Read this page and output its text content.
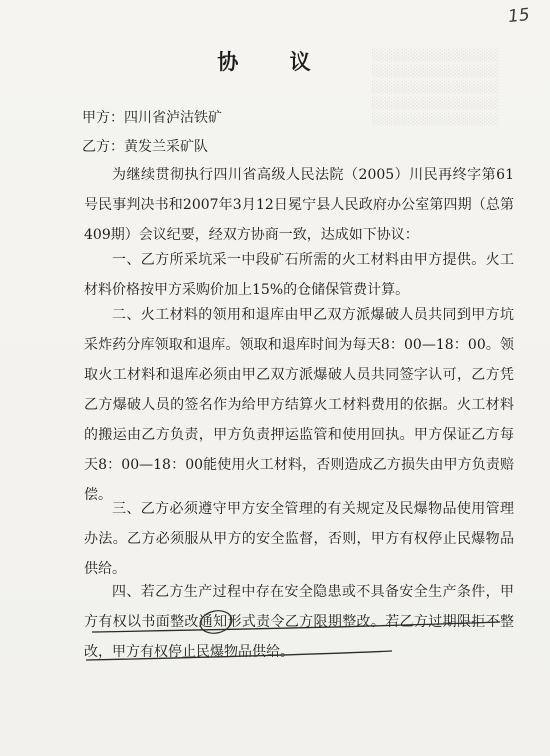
░░░░░░░░░░░░░░░
░░░░░░░░░░░░░░░
░░░░░░░░░░░░░░░
░░░░░░░░░░░░░░░
░░░░░░░░░░░░░░░
15
协 议
甲方：四川省泸沽铁矿
乙方：黄发兰采矿队

为继续贯彻执行四川省高级人民法院（2005）川民再终字第61号民事判决书和2007年3月12日冕宁县人民政府办公室第四期（总第409期）会议纪要，经双方协商一致，达成如下协议：

一、乙方所采坑采一中段矿石所需的火工材料由甲方提供。火工材料价格按甲方采购价加上15%的仓储保管费计算。

二、火工材料的领用和退库由甲乙双方派爆破人员共同到甲方坑采炸药分库领取和退库。领取和退库时间为每天8：00—18：00。领取火工材料和退库必须由甲乙双方派爆破人员共同签字认可，乙方凭乙方爆破人员的签名作为给甲方结算火工材料费用的依据。火工材料的搬运由乙方负责，甲方负责押运监管和使用回执。甲方保证乙方每天8：00—18：00能使用火工材料，否则造成乙方损失由甲方负责赔偿。

三、乙方必须遵守甲方安全管理的有关规定及民爆物品使用管理办法。乙方必须服从甲方的安全监督，否则，甲方有权停止民爆物品供给。

四、若乙方生产过程中存在安全隐患或不具备安全生产条件，甲方有权以书面整改通知形式责令乙方限期整改。若乙方过期限拒不整改，甲方有权停止民爆物品供给。
